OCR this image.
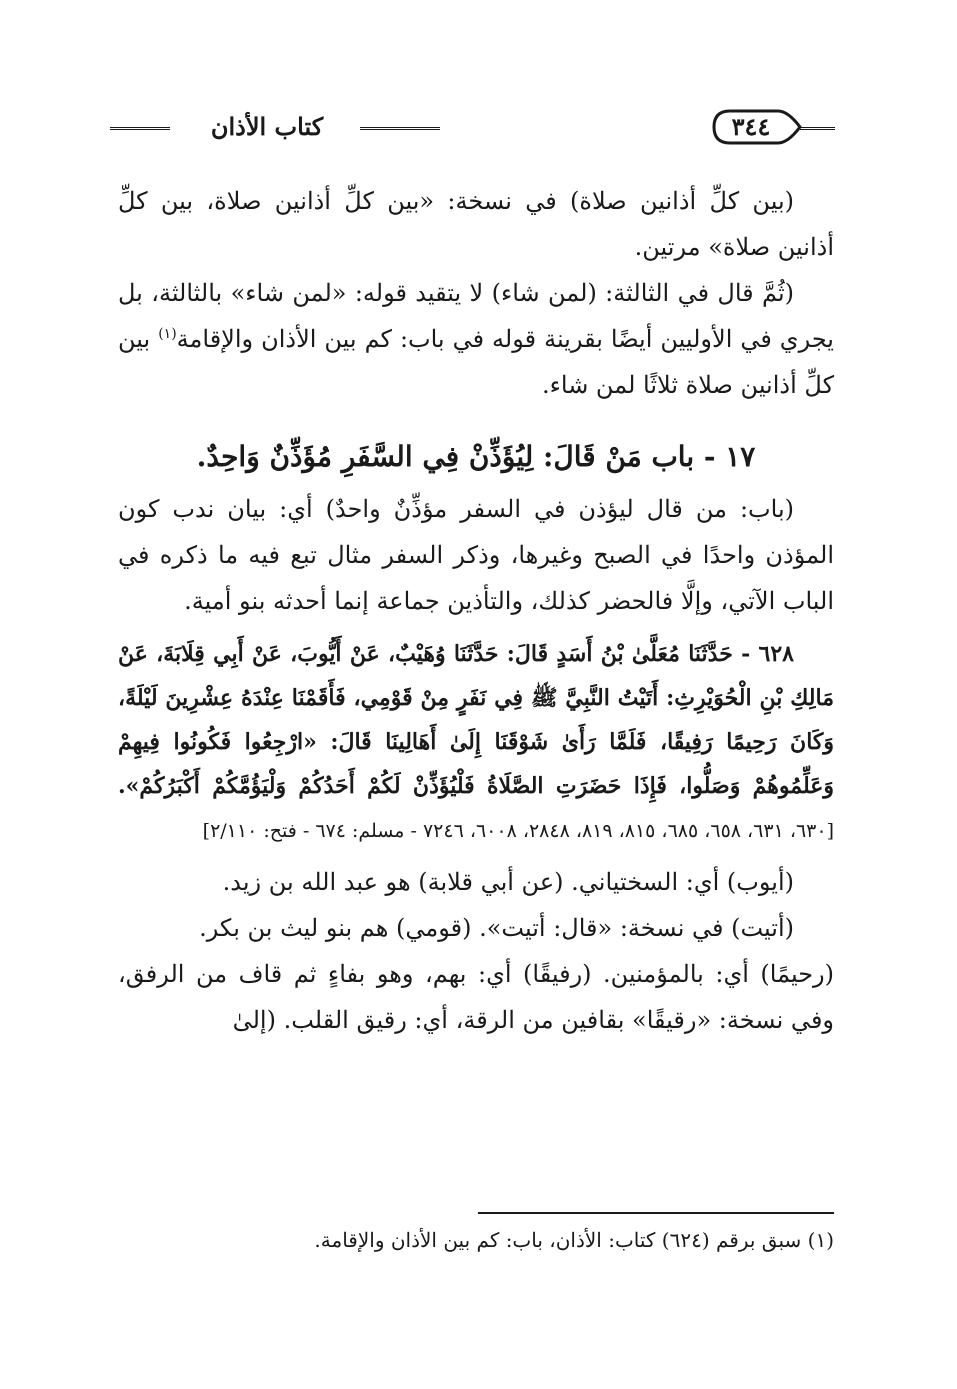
كتاب الأذان	٣٤٤

(بين كلِّ أذانين صلاة) في نسخة: «بين كلِّ أذانين صلاة، بين كلِّ أذانين صلاة» مرتين.

(ثُمَّ قال في الثالثة: (لمن شاء) لا يتقيد قوله: «لمن شاء» بالثالثة، بل يجري في الأوليين أيضًا بقرينة قوله في باب: كم بين الأذان والإقامة$^{(١)}$ بين كلِّ أذانين صلاة ثلاثًا لمن شاء.

١٧ - باب مَنْ قَالَ: لِيُؤَذِّنْ فِي السَّفَرِ مُؤَذِّنٌ وَاحِدٌ.

(باب: من قال ليؤذن في السفر مؤذِّنٌ واحدٌ) أي: بيان ندب كون المؤذن واحدًا في الصبح وغيرها، وذكر السفر مثال تبع فيه ما ذكره في الباب الآتي، وإلَّا فالحضر كذلك، والتأذين جماعة إنما أحدثه بنو أمية.

٦٢٨ - حَدَّثَنَا مُعَلَّىٰ بْنُ أَسَدٍ قَالَ: حَدَّثَنَا وُهَيْبٌ، عَنْ أَيُّوبَ، عَنْ أَبِي قِلَابَةَ، عَنْ مَالِكِ بْنِ الْحُوَيْرِثِ: أَتَيْتُ النَّبِيَّ ﷺ فِي نَفَرٍ مِنْ قَوْمِي، فَأَقَمْنَا عِنْدَهُ عِشْرِينَ لَيْلَةً، وَكَانَ رَحِيمًا رَفِيقًا، فَلَمَّا رَأَىٰ شَوْقَنَا إِلَىٰ أَهَالِينَا قَالَ: «ارْجِعُوا فَكُونُوا فِيهِمْ وَعَلِّمُوهُمْ وَصَلُّوا، فَإِذَا حَضَرَتِ الصَّلَاةُ فَلْيُؤَذِّنْ لَكُمْ أَحَدُكُمْ وَلْيَؤُمَّكُمْ أَكْبَرُكُمْ». [٦٣٠، ٦٣١، ٦٥٨، ٦٨٥، ٨١٥، ٨١٩، ٢٨٤٨، ٦٠٠٨، ٧٢٤٦ - مسلم: ٦٧٤ - فتح: ٢/١١٠]

(أيوب) أي: السختياني. (عن أبي قلابة) هو عبد الله بن زيد.

(أتيت) في نسخة: «قال: أتيت». (قومي) هم بنو ليث بن بكر.

(رحيمًا) أي: بالمؤمنين. (رفيقًا) أي: بهم، وهو بفاءٍ ثم قاف من الرفق، وفي نسخة: «رقيقًا» بقافين من الرقة، أي: رقيق القلب. (إلىٰ

(١) سبق برقم (٦٢٤) كتاب: الأذان، باب: كم بين الأذان والإقامة.
